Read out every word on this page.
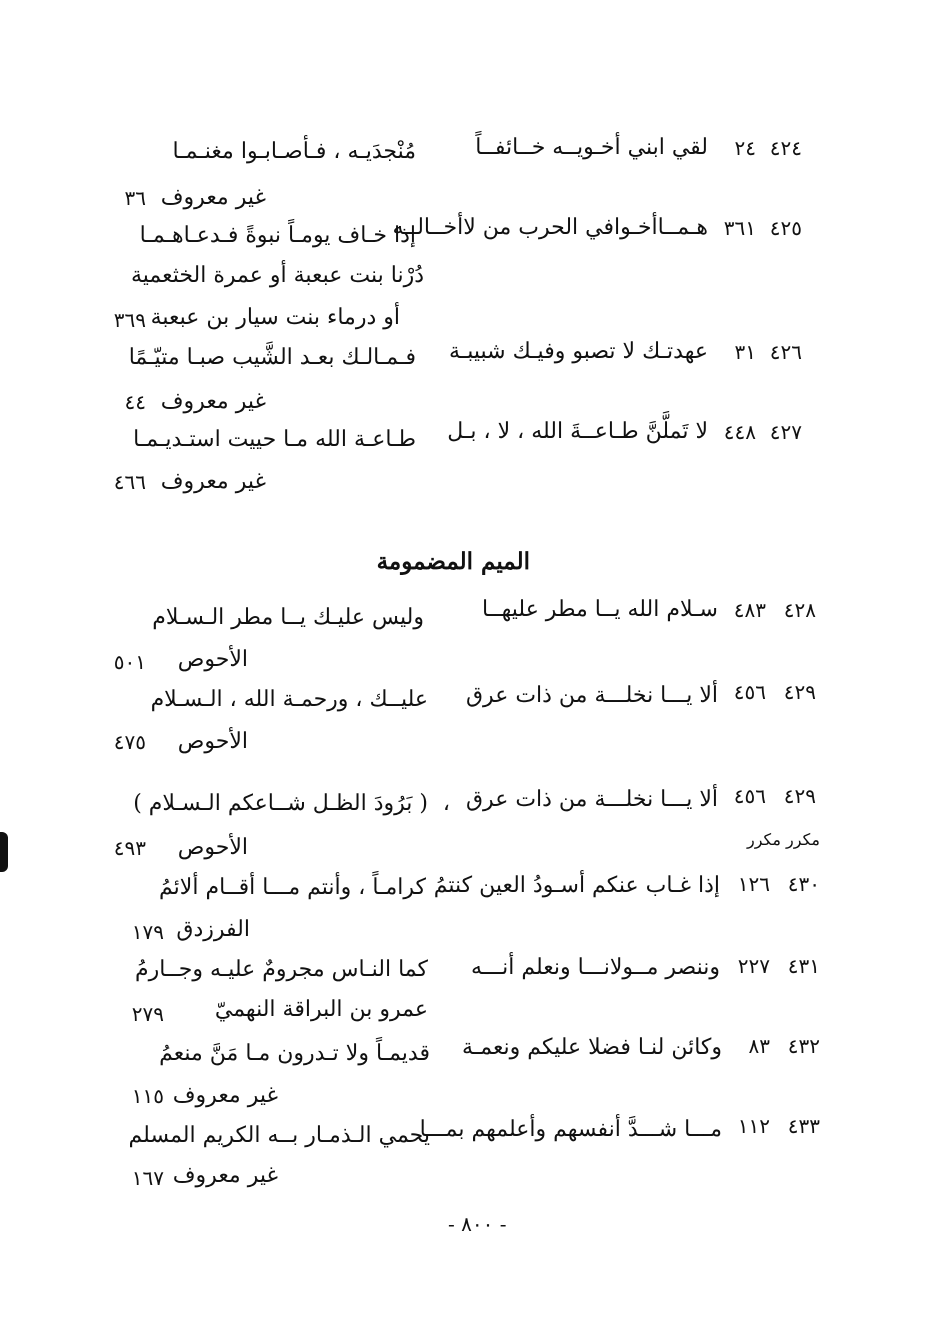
٤٢٤
٢٤
لقي ابني أخـويــه خــائفــاً
مُنْجدَيـه ، فـأصـابـوا مغنـمـا
غير معروف
٣٦
٤٢٥
٣٦١
هـمــاأخـوافي الحرب من لاأخــالــه
إذا خـاف يومـاً نبوةً فـدعـاهـمـا
دُرْنا بنت عبعبة أو عمرة الخثعمية
أو درماء بنت سيار بن عبعبة
٣٦٩
٤٢٦
٣١
عهدتـك لا تصبو وفيـك شبيبـة
فـمـالـك بعـد الشَّيب صبـا متيّـمًا
غير معروف
٤٤
٤٢٧
٤٤٨
لا تَملَّنَّ طـاعــةَ الله ، لا ، بـل
طـاعـة الله مـا حييت استـديـمـا
غير معروف
٤٦٦
الميم المضمومة
٤٢٨
٤٨٣
سـلام الله يــا مطر عليهــا
وليس عليـك يــا مطر الـسـلام
الأحوص
٥٠١
٤٢٩
٤٥٦
ألا يـــا نخلـــة من ذات عرق
عليــك ، ورحمـة الله ، الـسـلام
الأحوص
٤٧٥
٤٢٩
٤٥٦
ألا يـــا نخلـــة من ذات عرق
،
( بَرُودَ الظـل شــاعكم الـسـلام )
مكرر مكرر
الأحوص
٤٩٣
٤٣٠
١٢٦
إذا غـاب عنكم أسـودُ العين كنتمُ
كرامـاً ، وأنتم مـــا أقــام ألائمُ
الفرزدق
١٧٩
٤٣١
٢٢٧
وننصر مــولانـــا ونعلم أنـــه
كما النـاس مجرومٌ عليـه وجــارمُ
عمرو بن البراقة النهميّ
٢٧٩
٤٣٢
٨٣
وكائن لنـا فضلا عليكم ونعمـة
قديمـاً ولا تـدرون مـا مَنَّ منعمُ
غير معروف
١١٥
٤٣٣
١١٢
مـــا شـــدَّ أنفسهم وأعلمهم بمـــا
يحمي الـذمـار بــه الكريم المسلم
غير معروف
١٦٧
- ٨٠٠ -
